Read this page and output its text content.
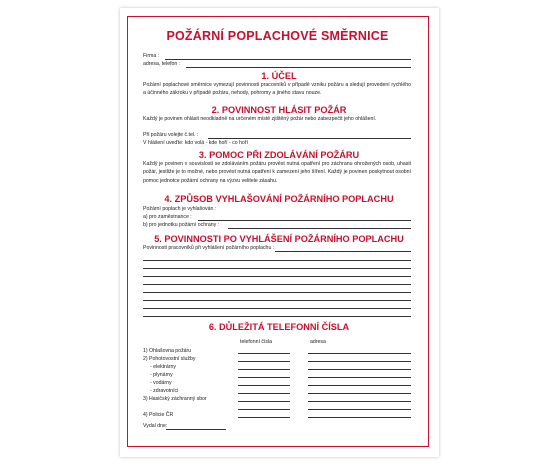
POŽÁRNÍ POPLACHOVÉ SMĚRNICE
Firma :
adresa, telefon :
1. ÚČEL
Požární poplachové směrnice vymezují povinnosti pracovníků v případě vzniku požáru a sledují provedení rychlého a účinného zákroku v případě požáru, nehody, pohromy a jiného stavu nouze.
2. POVINNOST HLÁSIT POŽÁR
Každý je povinen ohlásit neodkladně na určeném místě zjištěný požár nebo zabezpečit jeho ohlášení.
Při požáru volejte č.tel. :
V hlášení uveďte: kdo volá - kde hoří - co hoří
3. POMOC PŘI ZDOLÁVÁNÍ POŽÁRU
Každý je povinen v souvislosti se zdoláváním požáru provést nutná opatření pro záchranu ohrožených osob, uhasit požár, jestliže je to možné, nebo provést nutná opatření k zamezení jeho šíření. Každý je povinen poskytnout osobní pomoc jednotce požární ochrany na výzvu velitele zásahu.
4. ZPŮSOB VYHLAŠOVÁNÍ POŽÁRNÍHO POPLACHU
Požární poplach je vyhlašován :
a) pro zaměstnance :
b) pro jednotku požární ochrany :
5. POVINNOSTI PO VYHLÁŠENÍ POŽÁRNÍHO POPLACHU
Povinnosti pracovníků při vyhlášení požárního poplachu :
6. DŮLEŽITÁ TELEFONNÍ ČÍSLA
telefonní čísla	adresa
1) Ohlašovna požáru
2) Pohotovostní služby
- elektrárny
- plynárny
- vodárny
- zdravotníci
3) Hasičský záchranný sbor
4) Policie ČR
Vydal dne:
